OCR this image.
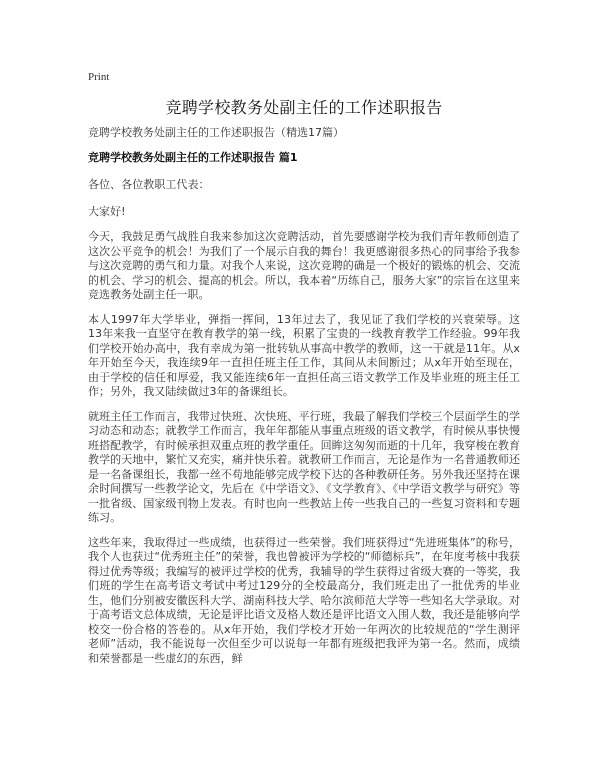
Print

竞聘学校教务处副主任的工作述职报告

竞聘学校教务处副主任的工作述职报告（精选17篇）

竞聘学校教务处副主任的工作述职报告 篇1

各位、各位教职工代表：

大家好!

今天，我鼓足勇气战胜自我来参加这次竞聘活动，首先要感谢学校为我们青年教师创造了这次公平竞争的机会！为我们了一个展示自我的舞台！我更感谢很多热心的同事给予我参与这次竞聘的勇气和力量。对我个人来说，这次竞聘的确是一个极好的锻炼的机会、交流的机会、学习的机会、提高的机会。所以，我本着“历练自己，服务大家”的宗旨在这里来竞选教务处副主任一职。

本人1997年大学毕业，弹指一挥间，13年过去了，我见证了我们学校的兴衰荣辱。这13年来我一直坚守在教育教学的第一线，积累了宝贵的一线教育教学工作经验。99年我们学校开始办高中，我有幸成为第一批转轨从事高中教学的教师，这一干就是11年。从x年开始至今天，我连续9年一直担任班主任工作，其间从未间断过；从x年开始至现在，由于学校的信任和厚爱，我又能连续6年一直担任高三语文教学工作及毕业班的班主任工作；另外，我又陆续做过3年的备课组长。

就班主任工作而言，我带过快班、次快班、平行班，我最了解我们学校三个层面学生的学习动态和动态；就教学工作而言，我年年都能从事重点班级的语文教学，有时候从事快慢班搭配教学，有时候承担双重点班的教学重任。回眸这匆匆而逝的十几年，我穿梭在教育教学的天地中，繁忙又充实，痛并快乐着。就教研工作而言，无论是作为一名普通教师还是一名备课组长，我都一丝不苟地能够完成学校下达的各种教研任务。另外我还坚持在课余时间撰写一些教学论文，先后在《中学语文》、《文学教育》、《中学语文教学与研究》等一批省级、国家级刊物上发表。有时也向一些教站上传一些我自己的一些复习资料和专题练习。

这些年来，我取得过一些成绩，也获得过一些荣誉。我们班获得过“先进班集体”的称号，我个人也获过“优秀班主任”的荣誉，我也曾被评为学校的“师德标兵”，在年度考核中我获得过优秀等级；我编写的被评过学校的优秀，我辅导的学生获得过省级大赛的一等奖，我们班的学生在高考语文考试中考过129分的全校最高分，我们班走出了一批优秀的毕业生，他们分别被安徽医科大学、湖南科技大学、哈尔滨师范大学等一些知名大学录取。对于高考语文总体成绩，无论是评比语文及格人数还是评比语文入围人数，我还是能够向学校交一份合格的答卷的。从x年开始，我们学校才开始一年两次的比较规范的“学生测评老师”活动，我不能说每一次但至少可以说每一年都有班级把我评为第一名。然而，成绩和荣誉都是一些虚幻的东西，鲜
